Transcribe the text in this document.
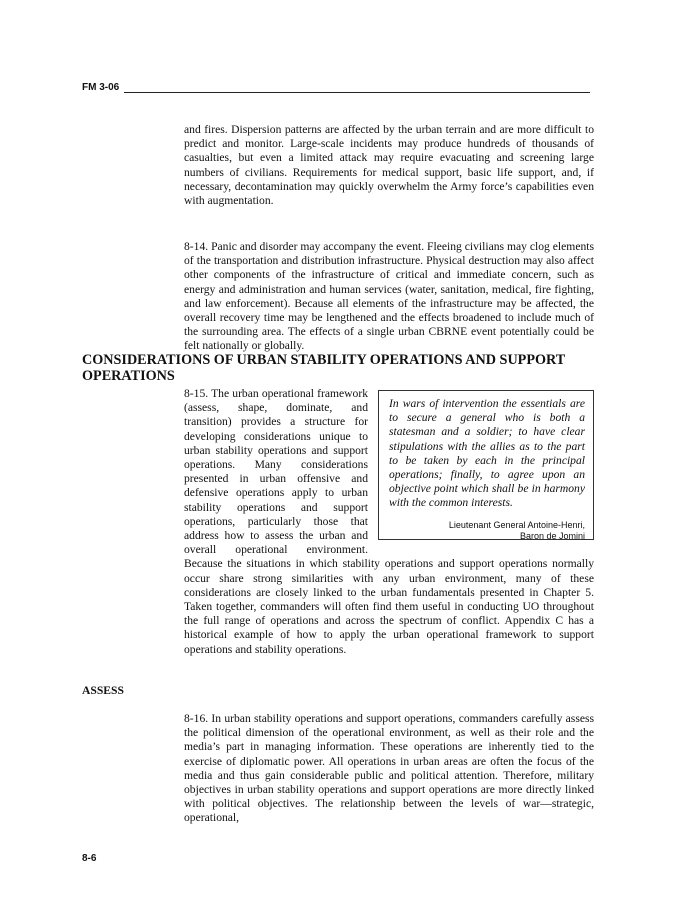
FM 3-06

and fires. Dispersion patterns are affected by the urban terrain and are more difficult to predict and monitor. Large-scale incidents may produce hundreds of thousands of casualties, but even a limited attack may require evacuating and screening large numbers of civilians. Requirements for medical support, basic life support, and, if necessary, decontamination may quickly overwhelm the Army force’s capabilities even with augmentation.

8-14. Panic and disorder may accompany the event. Fleeing civilians may clog elements of the transportation and distribution infrastructure. Physical destruction may also affect other components of the infrastructure of critical and immediate concern, such as energy and administration and human services (water, sanitation, medical, fire fighting, and law enforcement). Because all elements of the infrastructure may be affected, the overall recovery time may be lengthened and the effects broadened to include much of the surrounding area. The effects of a single urban CBRNE event potentially could be felt nationally or globally.

CONSIDERATIONS OF URBAN STABILITY OPERATIONS AND SUPPORT OPERATIONS

In wars of intervention the essentials are to secure a general who is both a statesman and a soldier; to have clear stipulations with the allies as to the part to be taken by each in the principal operations; finally, to agree upon an objective point which shall be in harmony with the common interests.

Lieutenant General Antoine-Henri,
Baron de Jomini

8-15. The urban operational framework (assess, shape, dominate, and transition) provides a structure for developing considerations unique to urban stability operations and support operations. Many considerations presented in urban offensive and defensive operations apply to urban stability operations and support operations, particularly those that address how to assess the urban and overall operational environment. Because the situations in which stability operations and support operations normally occur share strong similarities with any urban environment, many of these considerations are closely linked to the urban fundamentals presented in Chapter 5. Taken together, commanders will often find them useful in conducting UO throughout the full range of operations and across the spectrum of conflict. Appendix C has a historical example of how to apply the urban operational framework to support operations and stability operations.

ASSESS

8-16. In urban stability operations and support operations, commanders carefully assess the political dimension of the operational environment, as well as their role and the media’s part in managing information. These operations are inherently tied to the exercise of diplomatic power. All operations in urban areas are often the focus of the media and thus gain considerable public and political attention. Therefore, military objectives in urban stability operations and support operations are more directly linked with political objectives. The relationship between the levels of war—strategic, operational,

8-6
